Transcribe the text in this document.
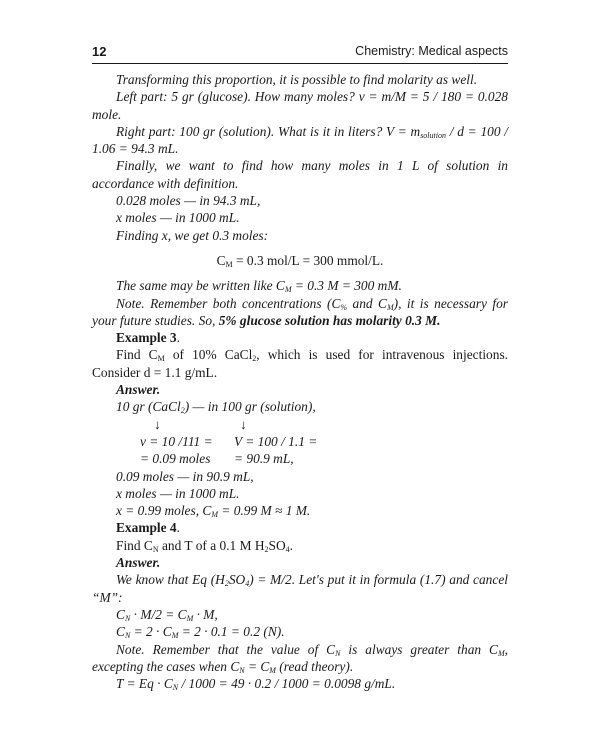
12	Chemistry: Medical aspects

Transforming this proportion, it is possible to find molarity as well.

Left part: 5 gr (glucose). How many moles? ν = m/M = 5 / 180 = 0.028 mole.

Right part: 100 gr (solution). What is it in liters? $V = m_{solution} / d = 100 / 1.06 = 94.3$ mL.

Finally, we want to find how many moles in 1 L of solution in accordance with definition.

0.028 moles — in 94.3 mL,

x moles — in 1000 mL.

Finding x, we get 0.3 moles:

$C_M = 0.3$ mol/L = 300 mmol/L.

The same may be written like $C_M = 0.3$ M = 300 mM.

Note. Remember both concentrations ($C_{\%}$ and $C_M$), it is necessary for your future studies. So, 5% glucose solution has molarity 0.3 M.

Example 3.

Find $C_M$ of 10% CaCl$_2$, which is used for intravenous injections. Consider d = 1.1 g/mL.

Answer.

10 gr (CaCl$_2$) — in 100 gr (solution),

↓	↓

ν = 10 /111 = V = 100 / 1.1 =

= 0.09 moles = 90.9 mL,

0.09 moles — in 90.9 mL,

x moles — in 1000 mL.

x = 0.99 moles, $C_M = 0.99$ M ≈ 1 M.

Example 4.

Find $C_N$ and T of a 0.1 M $H_2SO_4$.

Answer.

We know that Eq $(H_2SO_4) = M/2$. Let's put it in formula (1.7) and cancel “M”:

$C_N \cdot M/2 = C_M \cdot M$,

$C_N = 2 \cdot C_M = 2 \cdot 0.1 = 0.2$ (N).

Note. Remember that the value of $C_N$ is always greater than $C_M$, excepting the cases when $C_N = C_M$ (read theory).

$T = Eq \cdot C_N / 1000 = 49 \cdot 0.2 / 1000 = 0.0098$ g/mL.
